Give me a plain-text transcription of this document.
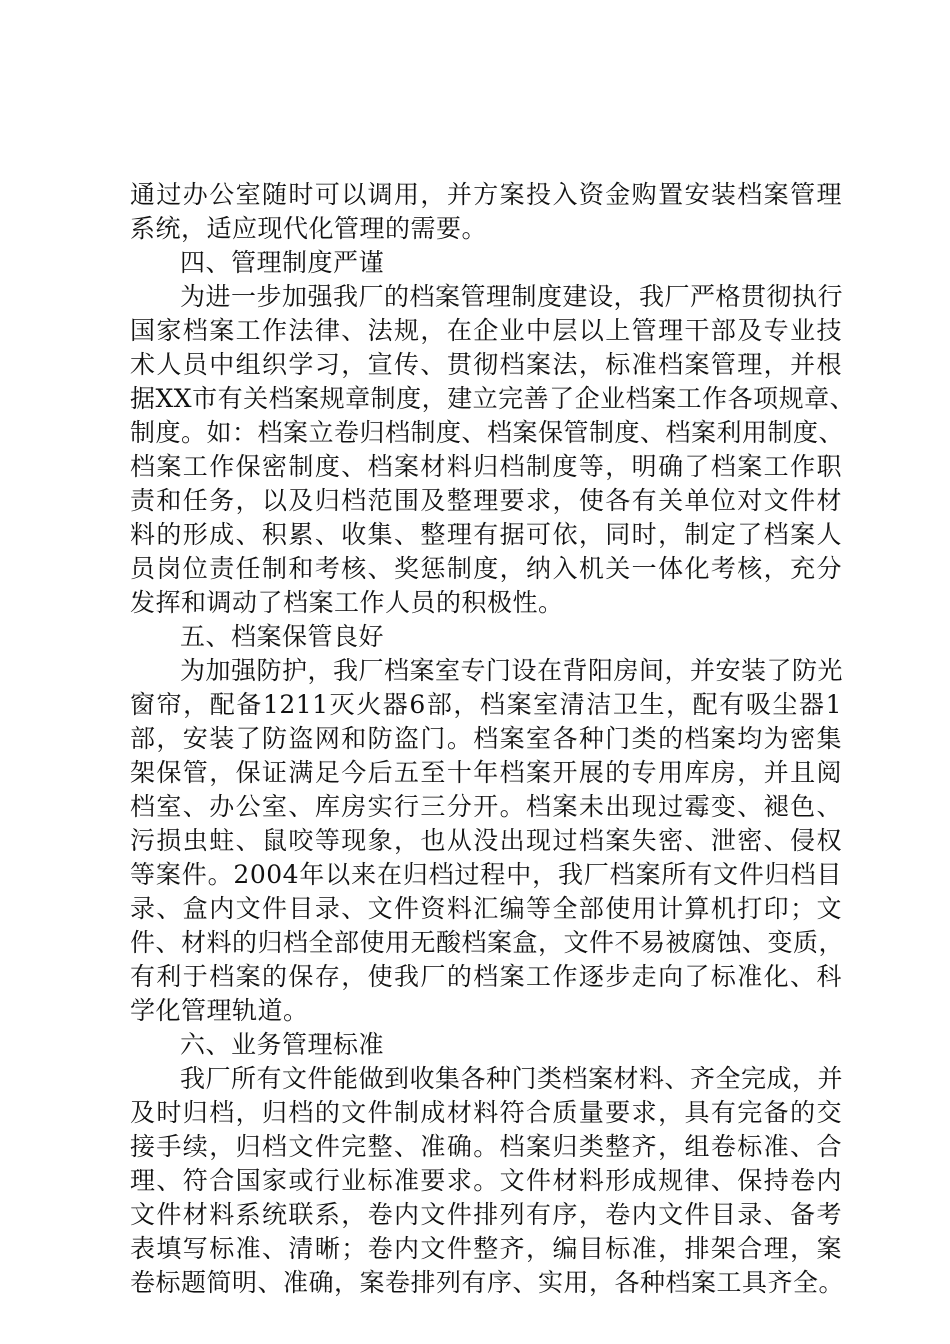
通过办公室随时可以调用，并方案投入资金购置安装档案管理
系统，适应现代化管理的需要。
四、管理制度严谨
为进一步加强我厂的档案管理制度建设，我厂严格贯彻执行
国家档案工作法律、法规，在企业中层以上管理干部及专业技
术人员中组织学习，宣传、贯彻档案法，标准档案管理，并根
据XX市有关档案规章制度，建立完善了企业档案工作各项规章、
制度。如：档案立卷归档制度、档案保管制度、档案利用制度、
档案工作保密制度、档案材料归档制度等，明确了档案工作职
责和任务，以及归档范围及整理要求，使各有关单位对文件材
料的形成、积累、收集、整理有据可依，同时，制定了档案人
员岗位责任制和考核、奖惩制度，纳入机关一体化考核，充分
发挥和调动了档案工作人员的积极性。
五、档案保管良好
为加强防护，我厂档案室专门设在背阳房间，并安装了防光
窗帘，配备1211灭火器6部，档案室清洁卫生，配有吸尘器1
部，安装了防盗网和防盗门。档案室各种门类的档案均为密集
架保管，保证满足今后五至十年档案开展的专用库房，并且阅
档室、办公室、库房实行三分开。档案未出现过霉变、褪色、
污损虫蛀、鼠咬等现象，也从没出现过档案失密、泄密、侵权
等案件。2004年以来在归档过程中，我厂档案所有文件归档目
录、盒内文件目录、文件资料汇编等全部使用计算机打印；文
件、材料的归档全部使用无酸档案盒，文件不易被腐蚀、变质，
有利于档案的保存，使我厂的档案工作逐步走向了标准化、科
学化管理轨道。
六、业务管理标准
我厂所有文件能做到收集各种门类档案材料、齐全完成，并
及时归档，归档的文件制成材料符合质量要求，具有完备的交
接手续，归档文件完整、准确。档案归类整齐，组卷标准、合
理、符合国家或行业标准要求。文件材料形成规律、保持卷内
文件材料系统联系，卷内文件排列有序，卷内文件目录、备考
表填写标准、清晰；卷内文件整齐，编目标准，排架合理，案
卷标题简明、准确，案卷排列有序、实用，各种档案工具齐全。
